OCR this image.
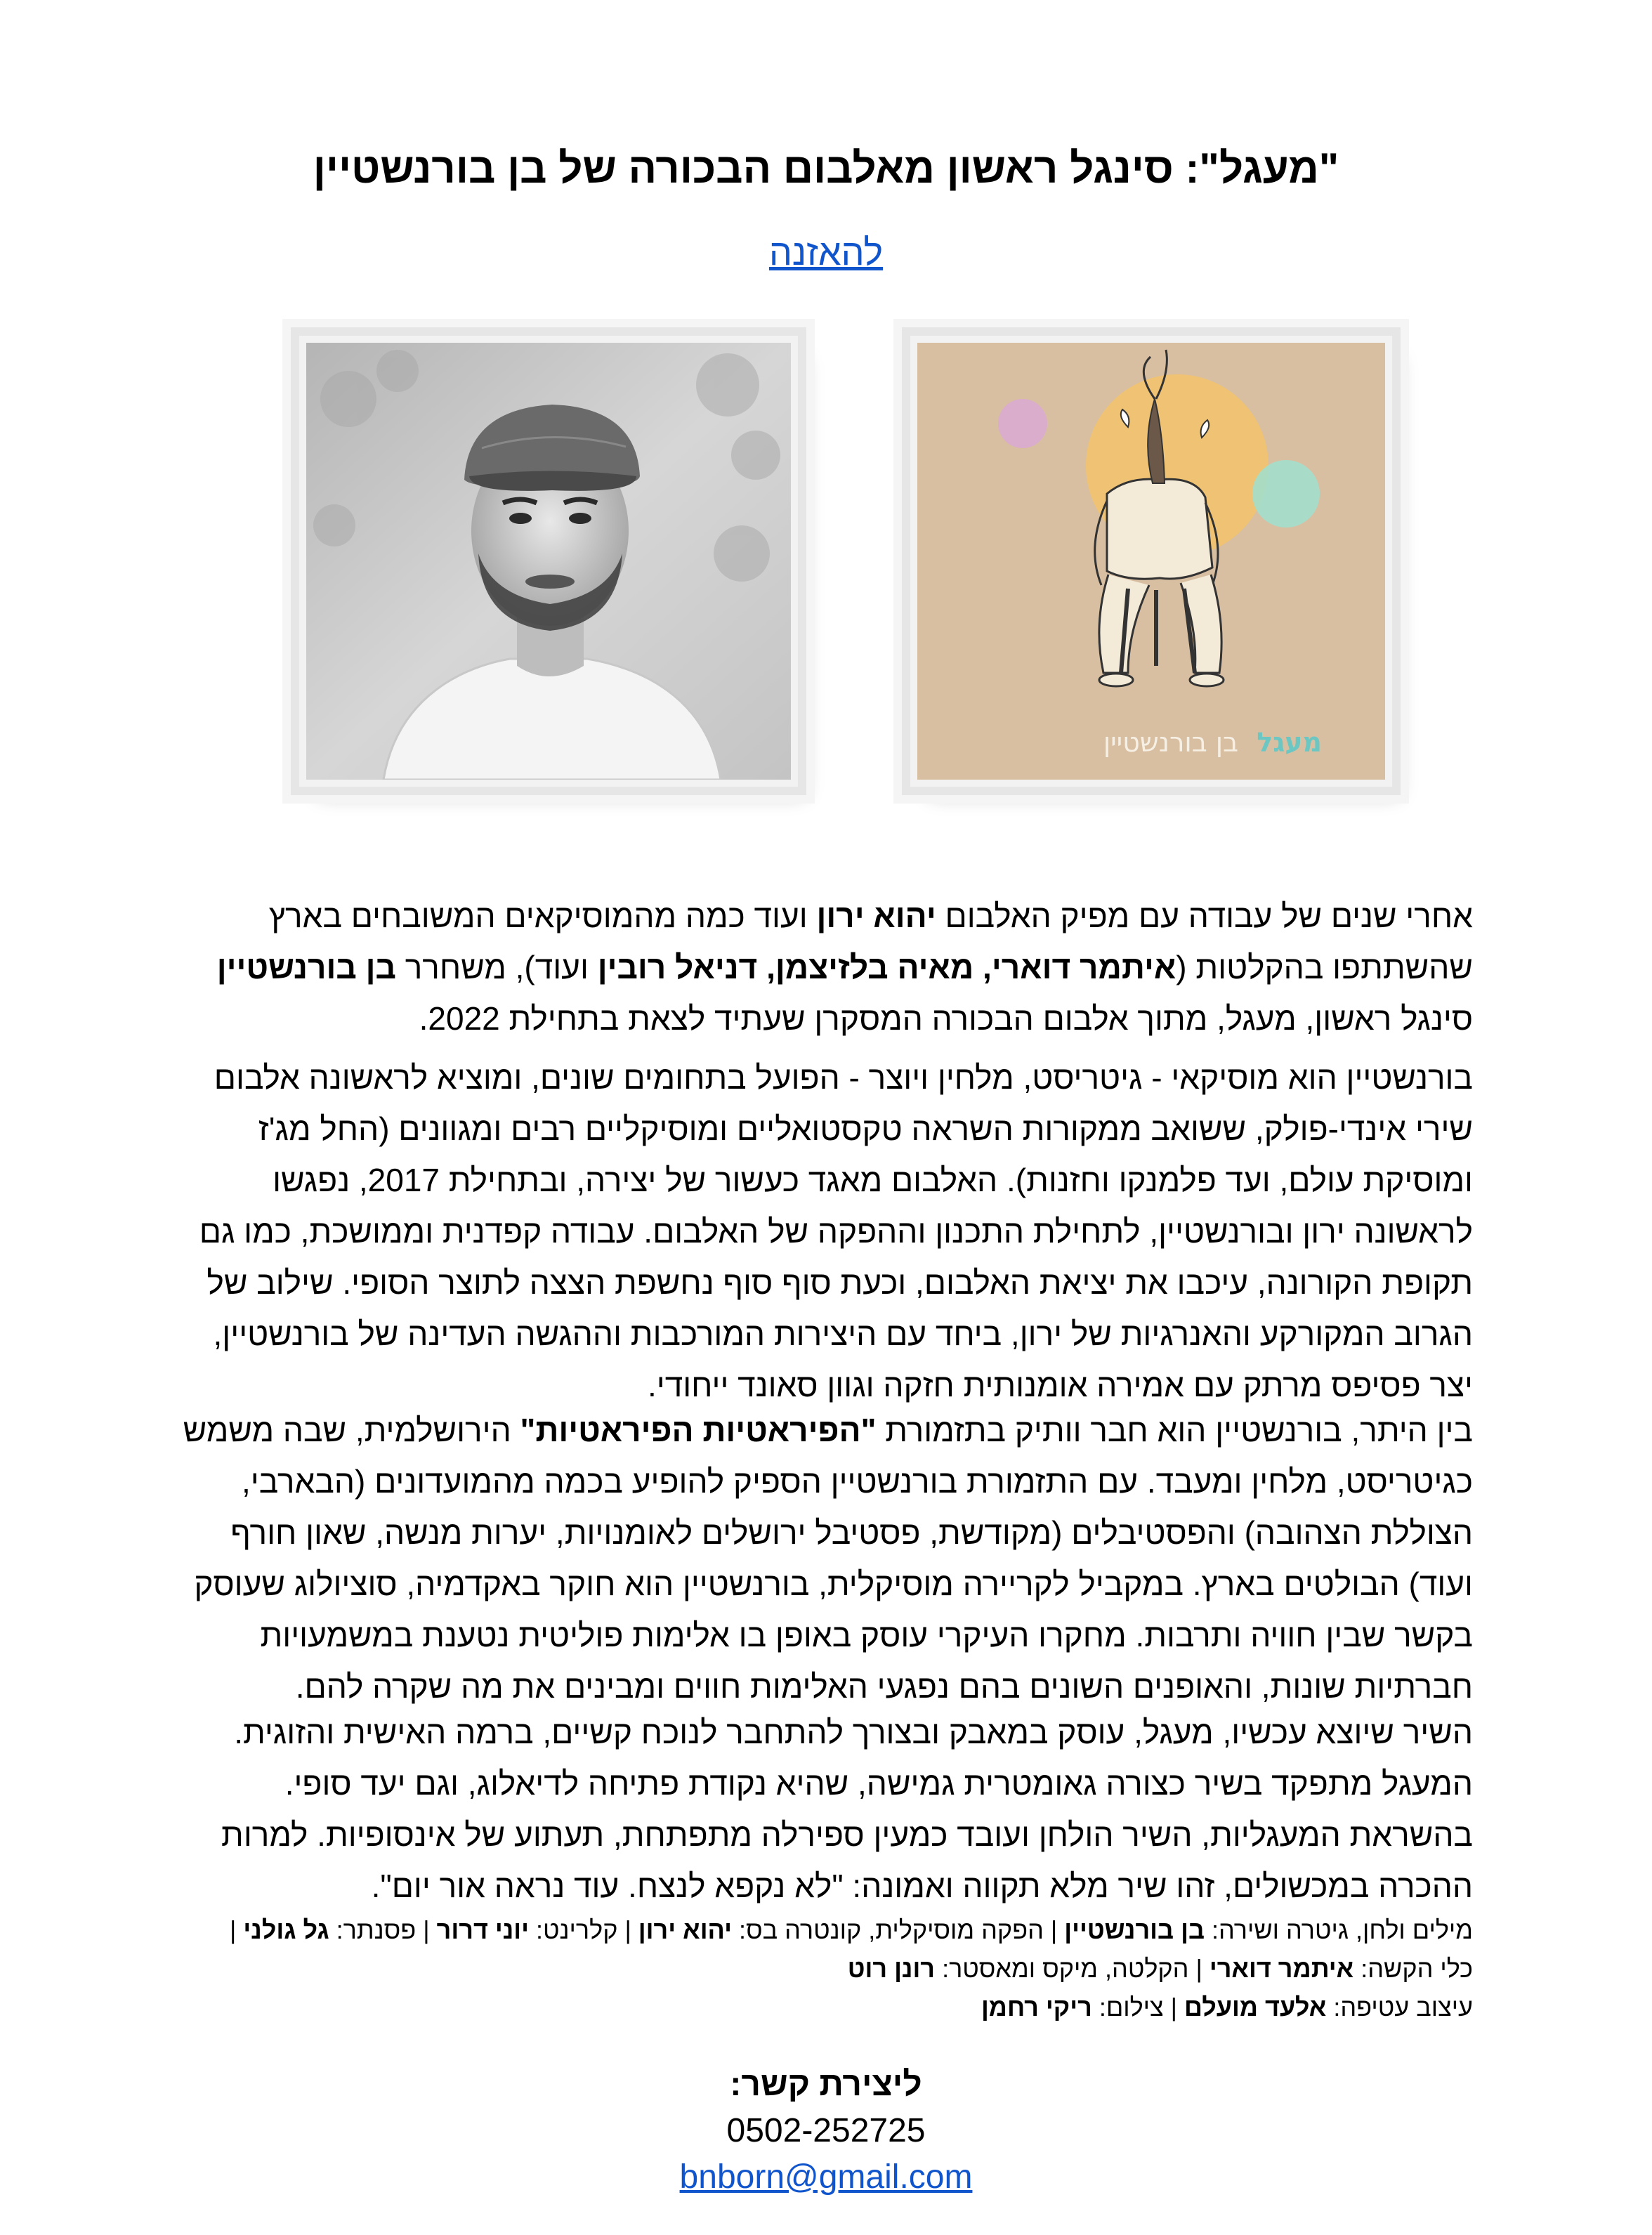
"מעגל": סינגל ראשון מאלבום הבכורה של בן בורנשטיין
להאזנה
מעגל בן בורנשטיין
אחרי שנים של עבודה עם מפיק האלבום יהוא ירון ועוד כמה מהמוסיקאים המשובחים בארץ שהשתתפו בהקלטות (איתמר דוארי, מאיה בלזיצמן, דניאל רובין ועוד), משחרר בן בורנשטיין סינגל ראשון, מעגל, מתוך אלבום הבכורה המסקרן שעתיד לצאת בתחילת 2022.
בורנשטיין הוא מוסיקאי - גיטריסט, מלחין ויוצר - הפועל בתחומים שונים, ומוציא לראשונה אלבום שירי אינדי-פולק, ששואב ממקורות השראה טקסטואליים ומוסיקליים רבים ומגוונים (החל מג'ז ומוסיקת עולם, ועד פלמנקו וחזנות). האלבום מאגד כעשור של יצירה, ובתחילת 2017, נפגשו לראשונה ירון ובורנשטיין, לתחילת התכנון וההפקה של האלבום. עבודה קפדנית וממושכת, כמו גם תקופת הקורונה, עיכבו את יציאת האלבום, וכעת סוף סוף נחשפת הצצה לתוצר הסופי. שילוב של הגרוב המקורקע והאנרגיות של ירון, ביחד עם היצירות המורכבות וההגשה העדינה של בורנשטיין, יצר פסיפס מרתק עם אמירה אומנותית חזקה וגוון סאונד ייחודי.
בין היתר, בורנשטיין הוא חבר וותיק בתזמורת "הפיראטיות הפיראטיות" הירושלמית, שבה משמש כגיטריסט, מלחין ומעבד. עם התזמורת בורנשטיין הספיק להופיע בכמה מהמועדונים (הבארבי, הצוללת הצהובה) והפסטיבלים (מקודשת, פסטיבל ירושלים לאומנויות, יערות מנשה, שאון חורף ועוד) הבולטים בארץ. במקביל לקריירה מוסיקלית, בורנשטיין הוא חוקר באקדמיה, סוציולוג שעוסק בקשר שבין חוויה ותרבות. מחקרו העיקרי עוסק באופן בו אלימות פוליטית נטענת במשמעויות חברתיות שונות, והאופנים השונים בהם נפגעי האלימות חווים ומבינים את מה שקרה להם.
השיר שיוצא עכשיו, מעגל, עוסק במאבק ובצורך להתחבר לנוכח קשיים, ברמה האישית והזוגית. המעגל מתפקד בשיר כצורה גאומטרית גמישה, שהיא נקודת פתיחה לדיאלוג, וגם יעד סופי. בהשראת המעגליות, השיר הולחן ועובד כמעין ספירלה מתפתחת, תעתוע של אינסופיות. למרות ההכרה במכשולים, זהו שיר מלא תקווה ואמונה: "לא נקפא לנצח. עוד נראה אור יום".
מילים ולחן, גיטרה ושירה: בן בורנשטיין | הפקה מוסיקלית, קונטרה בס: יהוא ירון | קלרינט: יוני דרור | פסנתר: גל גולני |
כלי הקשה: איתמר דוארי | הקלטה, מיקס ומאסטר: רונן רוט
עיצוב עטיפה: אלעד מועלם | צילום: ריקי רחמן
ליצירת קשר:
0502-252725
bnborn@gmail.com
